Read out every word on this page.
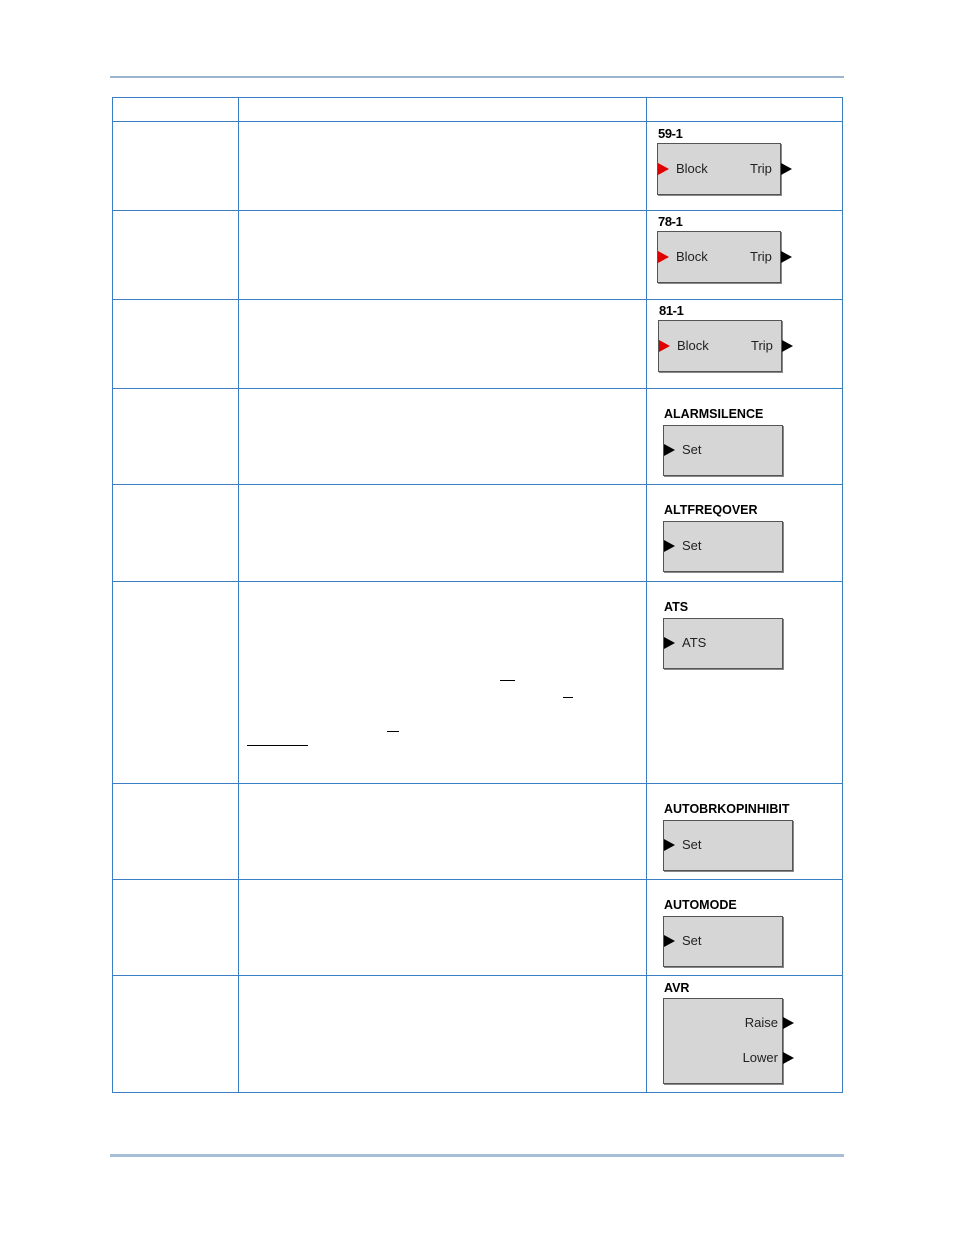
		59-1
Block Trip

		78-1
Block Trip

		81-1
Block Trip

		ALARMSILENCE
Set

		ALTFREQOVER
Set

		ATS
ATS

		AUTOBRKOPINHIBIT
Set

		AUTOMODE
Set

		AVR
Raise
Lower
